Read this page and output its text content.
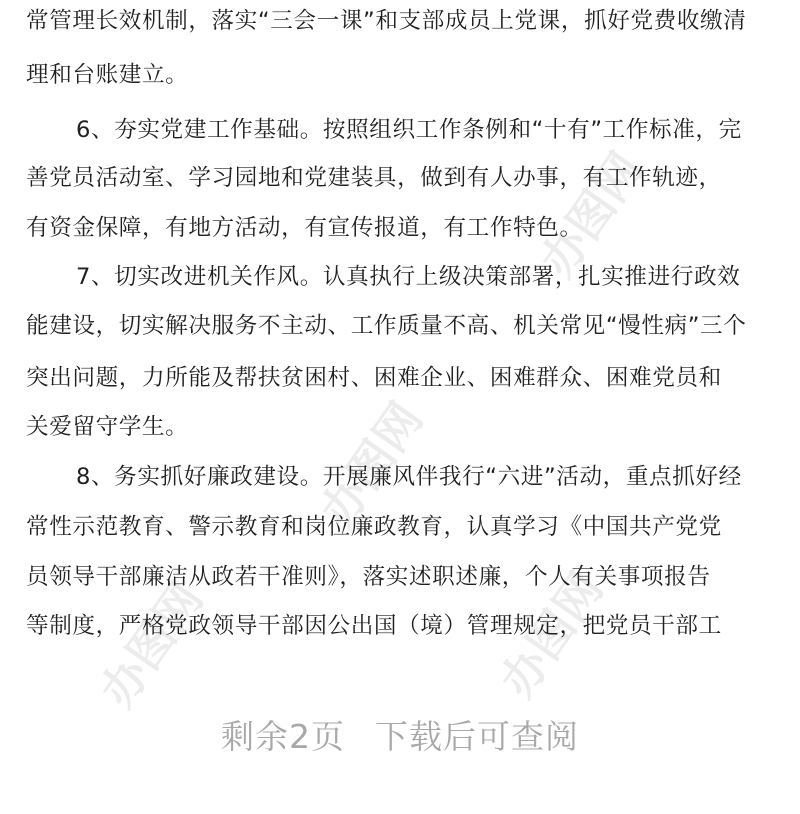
办图网
办图网
办图网	办图网
常管理长效机制，落实“三会一课”和支部成员上党课，抓好党费收缴清
理和台账建立。
6、夯实党建工作基础。按照组织工作条例和“十有”工作标准，完
善党员活动室、学习园地和党建装具，做到有人办事，有工作轨迹，
有资金保障，有地方活动，有宣传报道，有工作特色。
7、切实改进机关作风。认真执行上级决策部署，扎实推进行政效
能建设，切实解决服务不主动、工作质量不高、机关常见“慢性病”三个
突出问题，力所能及帮扶贫困村、困难企业、困难群众、困难党员和
关爱留守学生。
8、务实抓好廉政建设。开展廉风伴我行“六进”活动，重点抓好经
常性示范教育、警示教育和岗位廉政教育，认真学习《中国共产党党
员领导干部廉洁从政若干准则》，落实述职述廉，个人有关事项报告
等制度，严格党政领导干部因公出国（境）管理规定，把党员干部工
剩余2页 下载后可查阅
